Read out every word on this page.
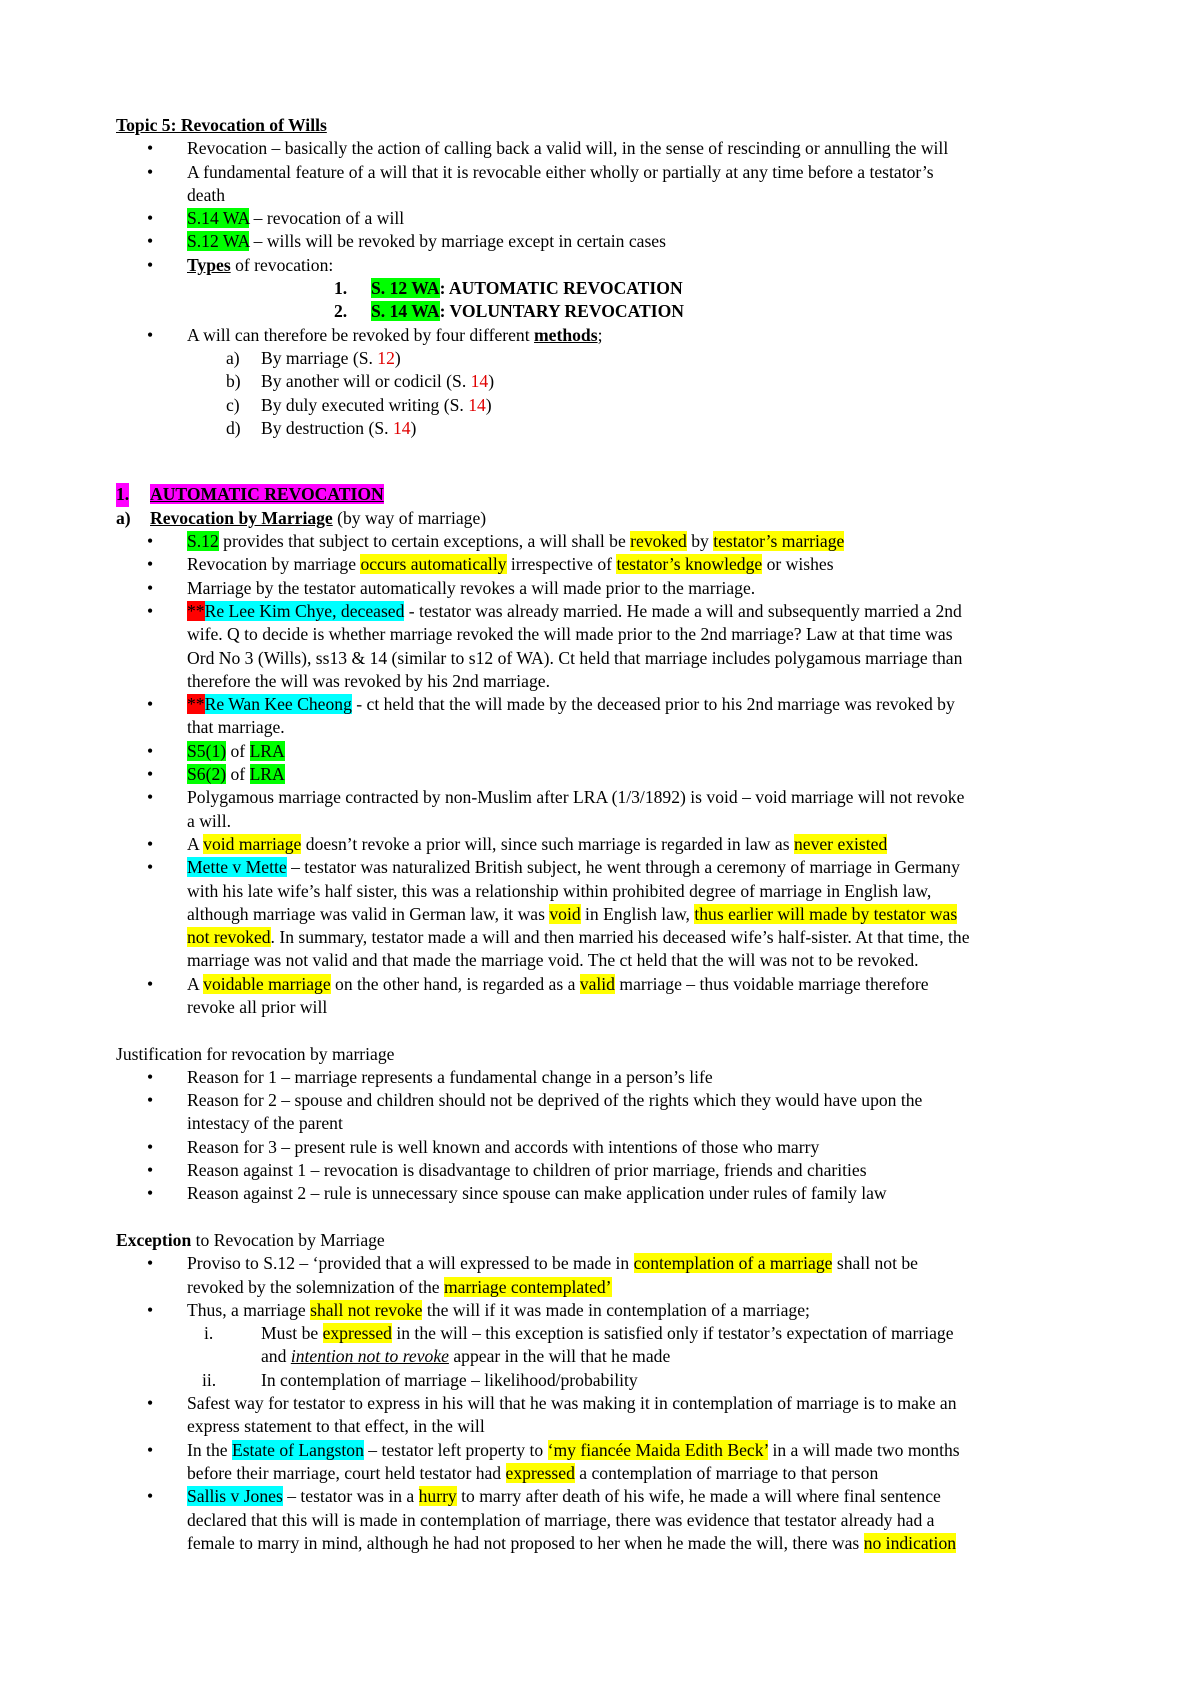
Topic 5: Revocation of Wills
• Revocation – basically the action of calling back a valid will, in the sense of rescinding or annulling the will
• A fundamental feature of a will that it is revocable either wholly or partially at any time before a testator’s
death
• S.14 WA – revocation of a will
• S.12 WA – wills will be revoked by marriage except in certain cases
• Types of revocation:
1. S. 12 WA: AUTOMATIC REVOCATION
2. S. 14 WA: VOLUNTARY REVOCATION
• A will can therefore be revoked by four different methods;
a) By marriage (S. 12)
b) By another will or codicil (S. 14)
c) By duly executed writing (S. 14)
d) By destruction (S. 14)
1. AUTOMATIC REVOCATION
a) Revocation by Marriage (by way of marriage)
• S.12 provides that subject to certain exceptions, a will shall be revoked by testator’s marriage
• Revocation by marriage occurs automatically irrespective of testator’s knowledge or wishes
• Marriage by the testator automatically revokes a will made prior to the marriage.
• **Re Lee Kim Chye, deceased - testator was already married. He made a will and subsequently married a 2nd
wife. Q to decide is whether marriage revoked the will made prior to the 2nd marriage? Law at that time was
Ord No 3 (Wills), ss13 & 14 (similar to s12 of WA). Ct held that marriage includes polygamous marriage than
therefore the will was revoked by his 2nd marriage.
• **Re Wan Kee Cheong - ct held that the will made by the deceased prior to his 2nd marriage was revoked by
that marriage.
• S5(1) of LRA
• S6(2) of LRA
• Polygamous marriage contracted by non-Muslim after LRA (1/3/1892) is void – void marriage will not revoke
a will.
• A void marriage doesn’t revoke a prior will, since such marriage is regarded in law as never existed
• Mette v Mette – testator was naturalized British subject, he went through a ceremony of marriage in Germany
with his late wife’s half sister, this was a relationship within prohibited degree of marriage in English law,
although marriage was valid in German law, it was void in English law, thus earlier will made by testator was
not revoked. In summary, testator made a will and then married his deceased wife’s half-sister. At that time, the
marriage was not valid and that made the marriage void. The ct held that the will was not to be revoked.
• A voidable marriage on the other hand, is regarded as a valid marriage – thus voidable marriage therefore
revoke all prior will
Justification for revocation by marriage
• Reason for 1 – marriage represents a fundamental change in a person’s life
• Reason for 2 – spouse and children should not be deprived of the rights which they would have upon the
intestacy of the parent
• Reason for 3 – present rule is well known and accords with intentions of those who marry
• Reason against 1 – revocation is disadvantage to children of prior marriage, friends and charities
• Reason against 2 – rule is unnecessary since spouse can make application under rules of family law
Exception to Revocation by Marriage
• Proviso to S.12 – ‘provided that a will expressed to be made in contemplation of a marriage shall not be
revoked by the solemnization of the marriage contemplated’
• Thus, a marriage shall not revoke the will if it was made in contemplation of a marriage;
i.	Must be expressed in the will – this exception is satisfied only if testator’s expectation of marriage
and intention not to revoke appear in the will that he made
ii.	In contemplation of marriage – likelihood/probability
• Safest way for testator to express in his will that he was making it in contemplation of marriage is to make an
express statement to that effect, in the will
• In the Estate of Langston – testator left property to ‘my fiancée Maida Edith Beck’ in a will made two months
before their marriage, court held testator had expressed a contemplation of marriage to that person
• Sallis v Jones – testator was in a hurry to marry after death of his wife, he made a will where final sentence
declared that this will is made in contemplation of marriage, there was evidence that testator already had a
female to marry in mind, although he had not proposed to her when he made the will, there was no indication
